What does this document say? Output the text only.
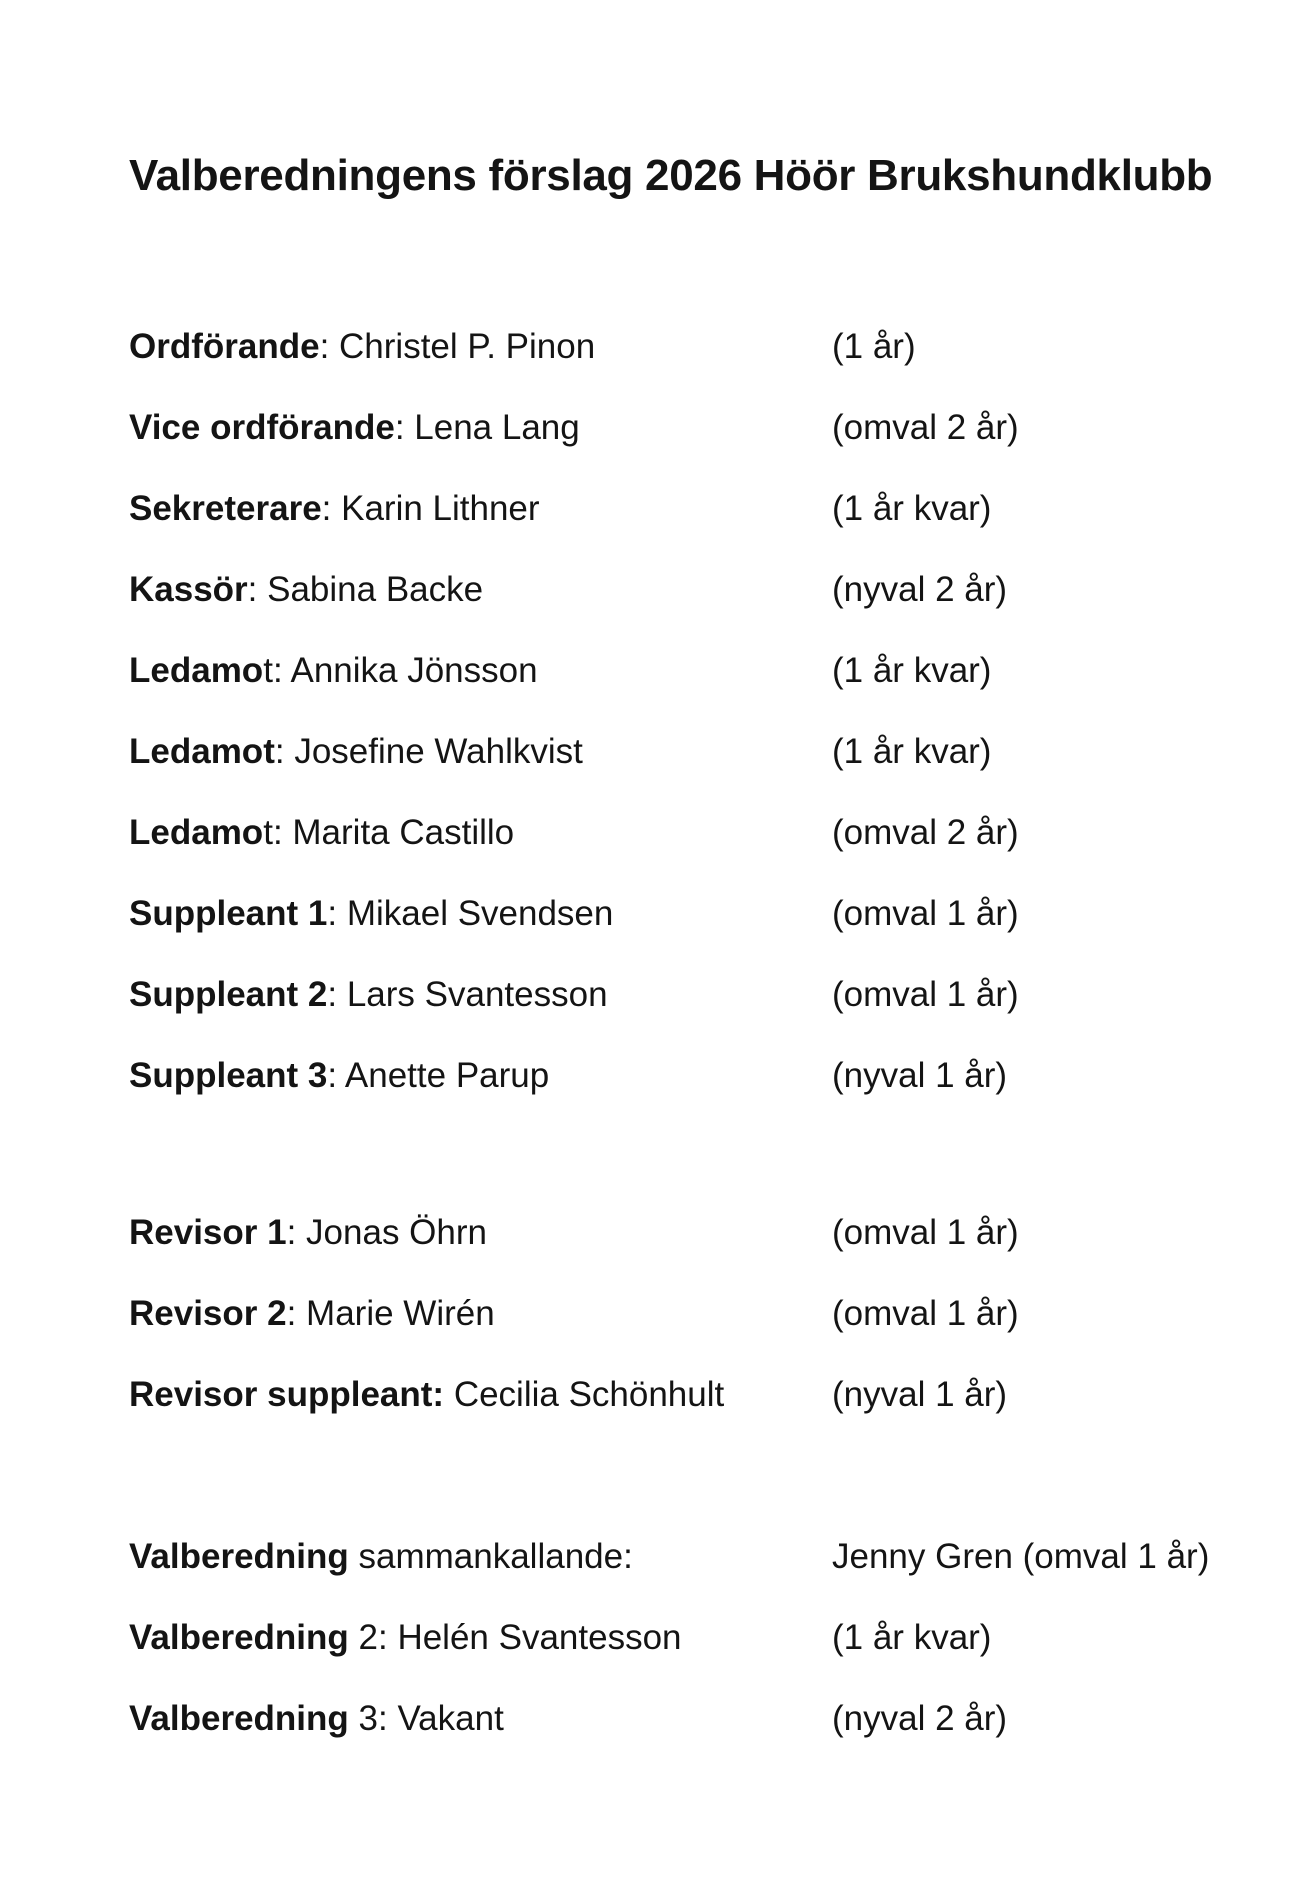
Valberedningens förslag 2026 Höör Brukshundklubb
Ordförande: Christel P. Pinon	(1 år)
Vice ordförande: Lena Lang	(omval 2 år)
Sekreterare: Karin Lithner	(1 år kvar)
Kassör: Sabina Backe	(nyval 2 år)
Ledamot: Annika Jönsson	(1 år kvar)
Ledamot: Josefine Wahlkvist	(1 år kvar)
Ledamot: Marita Castillo	(omval 2 år)
Suppleant 1: Mikael Svendsen	(omval 1 år)
Suppleant 2: Lars Svantesson	(omval 1 år)
Suppleant 3: Anette Parup	(nyval 1 år)
Revisor 1: Jonas Öhrn	(omval 1 år)
Revisor 2: Marie Wirén	(omval 1 år)
Revisor suppleant: Cecilia Schönhult	(nyval 1 år)
Valberedning sammankallande:	Jenny Gren (omval 1 år)
Valberedning 2: Helén Svantesson	(1 år kvar)
Valberedning 3: Vakant	(nyval 2 år)
